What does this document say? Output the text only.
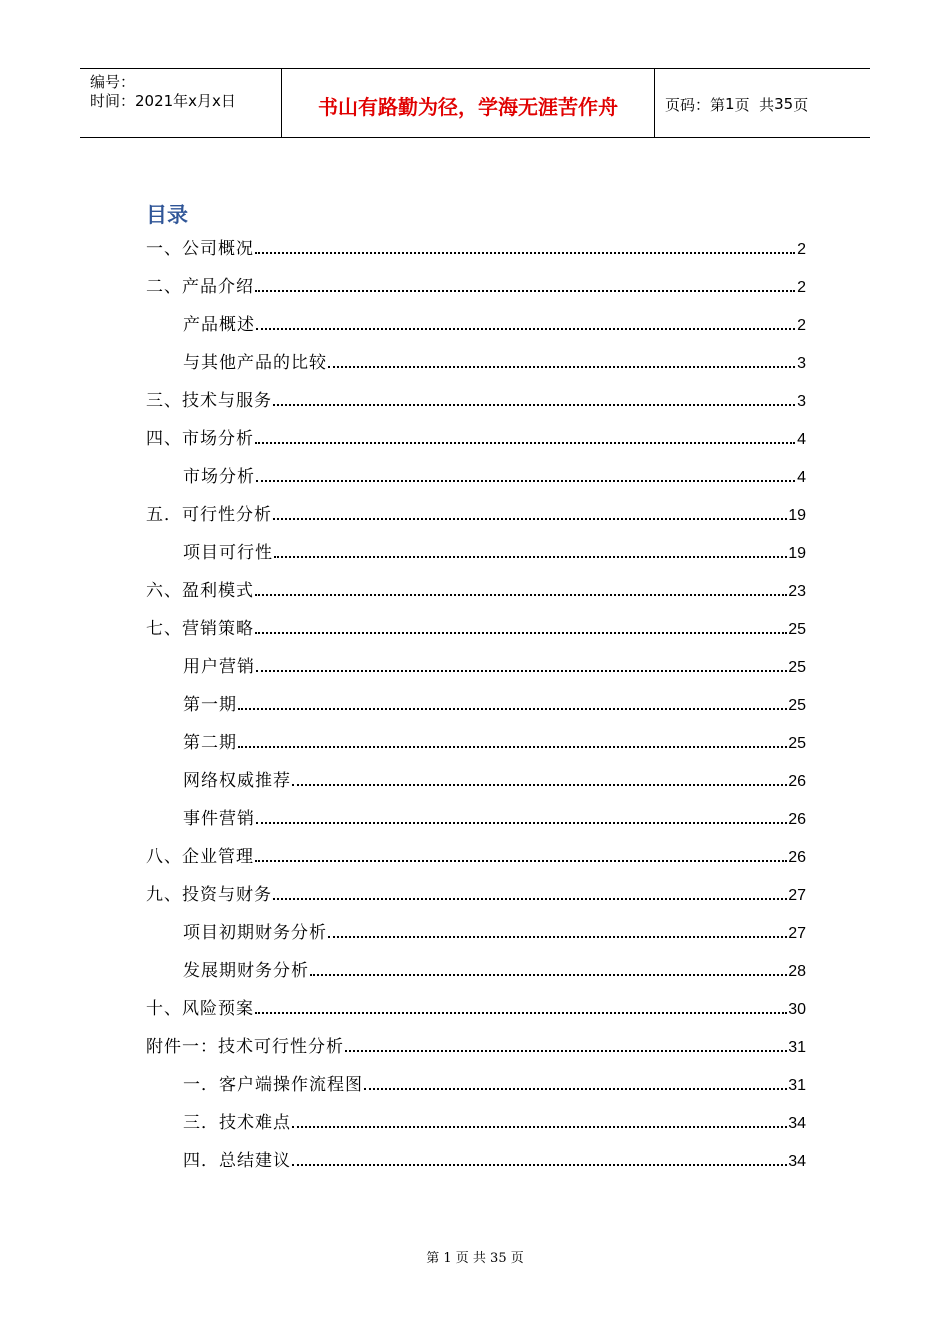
编号：
时间：2021年x月x日	书山有路勤为径，学海无涯苦作舟	页码：第 1 页  共 35 页
目录
一、公司概况	2
二、产品介绍	2
产品概述	2
与其他产品的比较	3
三、技术与服务	3
四、市场分析	4
市场分析	4
五．可行性分析	19
项目可行性	19
六、盈利模式	23
七、营销策略	25
用户营销	25
第一期	25
第二期	25
网络权威推荐	26
事件营销	26
八、企业管理	26
九、投资与财务	27
项目初期财务分析	27
发展期财务分析	28
十、风险预案	30
附件一：技术可行性分析	31
一．客户端操作流程图	31
三．技术难点	34
四．总结建议	34
第 1 页 共 35 页
